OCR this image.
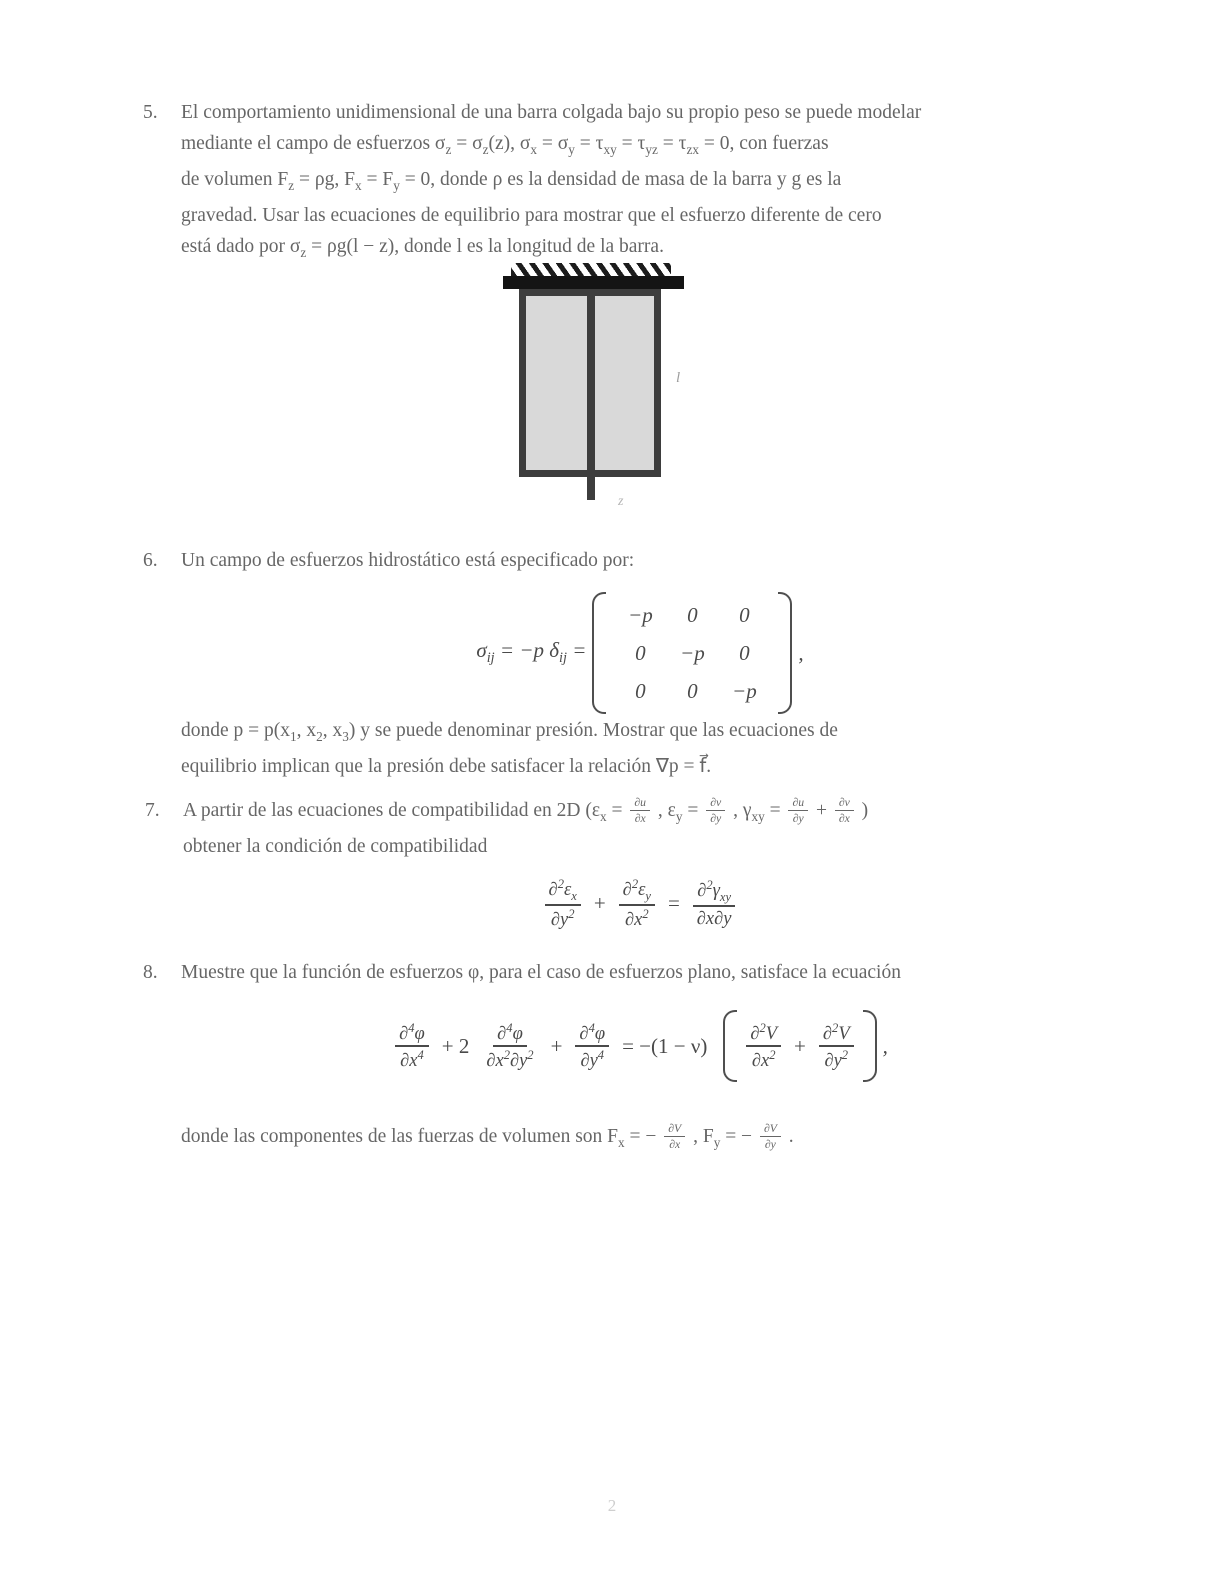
5.	El comportamiento unidimensional de una barra colgada bajo su propio peso se puede modelar
mediante el campo de esfuerzos $\sigma_z = \sigma_z(z)$, $\sigma_x = \sigma_y = \tau_{xy} = \tau_{yz} = \tau_{zx} = 0$, con fuerzas
de volumen $F_z = \rho g$, $F_x = F_y = 0$, donde ρ es la densidad de masa de la barra y g es la
gravedad. Usar las ecuaciones de equilibrio para mostrar que el esfuerzo diferente de cero
está dado por $\sigma_z = \rho g(l - z)$, donde l es la longitud de la barra.
l
z
6.	Un campo de esfuerzos hidrostático está especificado por:
$\sigma_{ij} = -p$ $\delta_{ij}$ =
−p	0	0
0	−p	0
0	0	−p
,
donde $p = p(x_1$, $x_2$, $x_3$) y se puede denominar presión. Mostrar que las ecuaciones de
equilibrio implican que la presión debe satisfacer la relación ∇p = f⃗.
7.	A partir de las ecuaciones de compatibilidad en 2D ($\varepsilon_x = \frac{\partial u}{\partial x}$ , $\varepsilon_y = \frac{\partial v}{\partial y}$ , $\gamma_{xy} = \frac{\partial u}{\partial y} + \frac{\partial v}{\partial x}$ )
obtener la condición de compatibilidad
$\frac{\partial^2\varepsilon_x}{\partial y^2} + \frac{\partial^2\varepsilon_y}{\partial x^2} = \frac{\partial^2\gamma_{xy}}{\partial x\partial y}$
8.	Muestre que la función de esfuerzos φ, para el caso de esfuerzos plano, satisface la ecuación
$\frac{\partial^4\varphi}{\partial x^4} + 2 \frac{\partial^4\varphi}{\partial x^2\partial y^2} + \frac{\partial^4\varphi}{\partial y^4} = -(1 - \nu) \frac{\partial^2V}{\partial x^2} + \frac{\partial^2V}{\partial y^2}$ ,
donde las componentes de las fuerzas de volumen son $F_x$ = − $\frac{\partial V}{\partial x}$ , $F_y$ = − $\frac{\partial V}{\partial y}$ .
2
